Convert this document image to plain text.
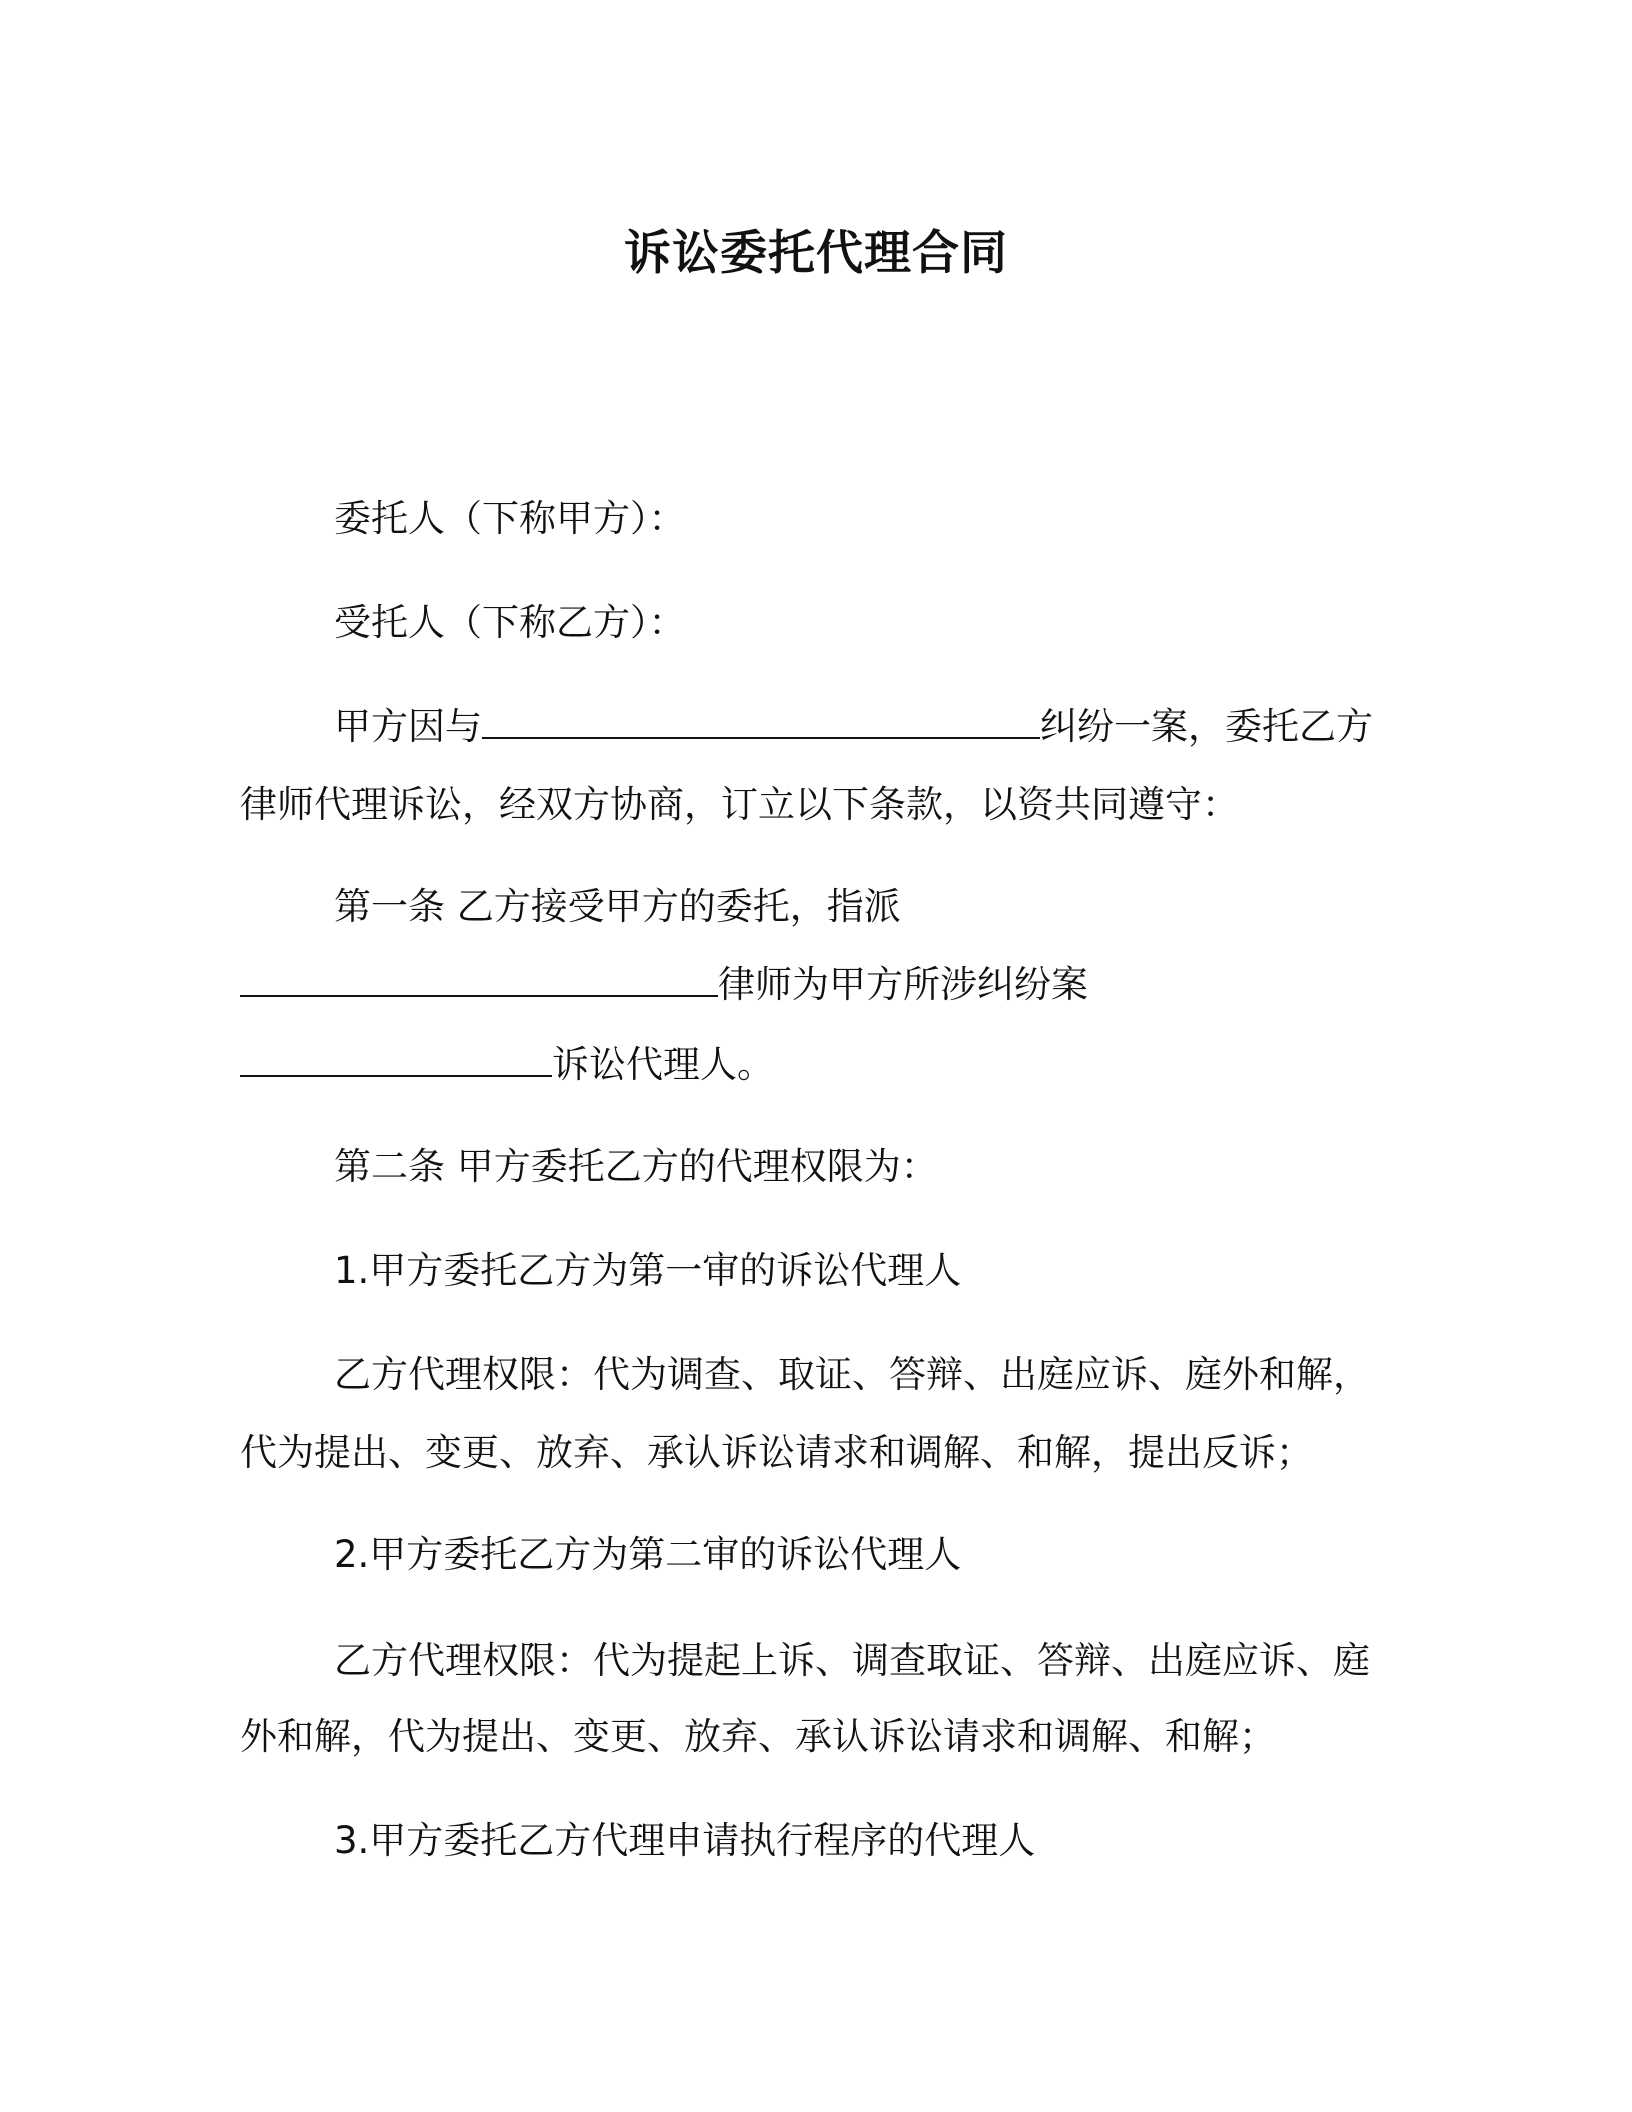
诉讼委托代理合同
委托人（下称甲方）：
受托人（下称乙方）：
甲方因与	纠纷一案，委托乙方
律师代理诉讼，经双方协商，订立以下条款，以资共同遵守：
第一条 乙方接受甲方的委托，指派
律师为甲方所涉纠纷案
诉讼代理人。
第二条 甲方委托乙方的代理权限为：
1.甲方委托乙方为第一审的诉讼代理人
乙方代理权限：代为调查、取证、答辩、出庭应诉、庭外和解，
代为提出、变更、放弃、承认诉讼请求和调解、和解，提出反诉；
2.甲方委托乙方为第二审的诉讼代理人
乙方代理权限：代为提起上诉、调查取证、答辩、出庭应诉、庭
外和解，代为提出、变更、放弃、承认诉讼请求和调解、和解；
3.甲方委托乙方代理申请执行程序的代理人
